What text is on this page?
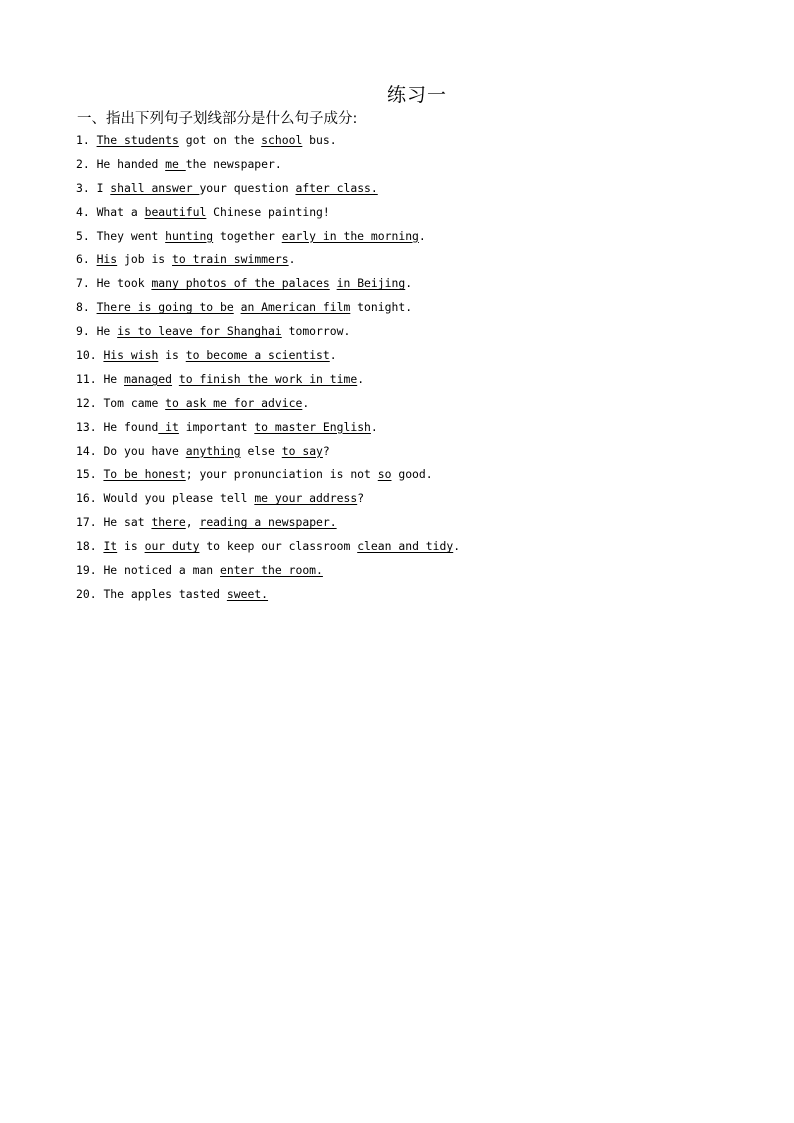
练习一
一、指出下列句子划线部分是什么句子成分:
1. The students got on the school bus.
2. He handed me the newspaper.
3. I shall answer your question after class.
4. What a beautiful Chinese painting!
5. They went hunting together early in the morning.
6. His job is to train swimmers.
7. He took many photos of the palaces in Beijing.
8. There is going to be an American film tonight.
9. He is to leave for Shanghai tomorrow.
10. His wish is to become a scientist.
11. He managed to finish the work in time.
12. Tom came to ask me for advice.
13. He found it important to master English.
14. Do you have anything else to say?
15. To be honest; your pronunciation is not so good.
16. Would you please tell me your address?
17. He sat there, reading a newspaper.
18. It is our duty to keep our classroom clean and tidy.
19. He noticed a man enter the room.
20. The apples tasted sweet.
